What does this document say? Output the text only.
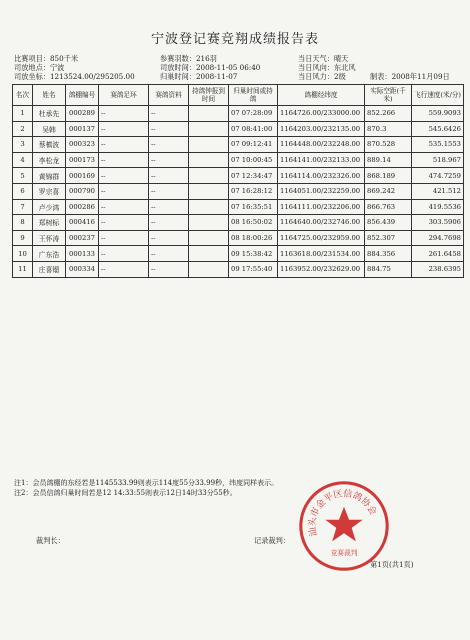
宁波登记赛竞翔成绩报告表
比赛项目：850千米
司放地点：宁波
司放坐标：1213524.00/295205.00
参赛羽数：216羽
司放时间：2008-11-05 06:40
归巢时间：2008-11-07
当日天气：晴天
当日风向：东北风
当日风力：2级	制表：2008年11月09日
名次	姓名	鸽棚编号	赛鸽足环	赛鸽资料	持鸽钟报到时间	归巢时间或持鸽	鸽棚经纬度	实际空距(千米)	飞行速度(米/分)
1	杜承先	000289	--	--		07 07:28:09	1164726.00/233000.00	852.266	559.9093
2	吴韩	000137	--	--		07 08:41:00	1164203.00/232135.00	870.3	545.6426
3	蔡槙波	000323	--	--		07 09:12:41	1164448.00/232248.00	870.528	535.1553
4	李松龙	000173	--	--		07 10:00:45	1164141.00/232133.00	889.14	518.967
5	黄锦群	000169	--	--		07 12:34:47	1164114.00/232326.00	868.189	474.7259
6	罗宗喜	000790	--	--		07 16:28:12	1164051.00/232259.00	869.242	421.512
7	卢少鸿	000286	--	--		07 16:35:51	1164111.00/232206.00	866.763	419.5536
8	郑树标	000416	--	--		08 16:50:02	1164640.00/232746.00	856.439	303.5906
9	王怀涛	000237	--	--		08 18:00:26	1164725.00/232959.00	852.307	294.7698
10	广东浩	000133	--	--		09 15:38:42	1163618.00/231534.00	884.356	261.6458
11	庄喜镏	000334	--	--		09 17:55:40	1163952.00/232629.00	884.75	238.6395
注1：会员鸽棚的东经若是1145533.99则表示114度55分33.99秒，纬度同样表示。
注2：会员信鸽归巢时间若是12 14:33:55则表示12日14时33分55秒。
汕头市金平区信鸽协会
竞赛裁判
裁判长：	记录裁判：
第1页(共1页)
